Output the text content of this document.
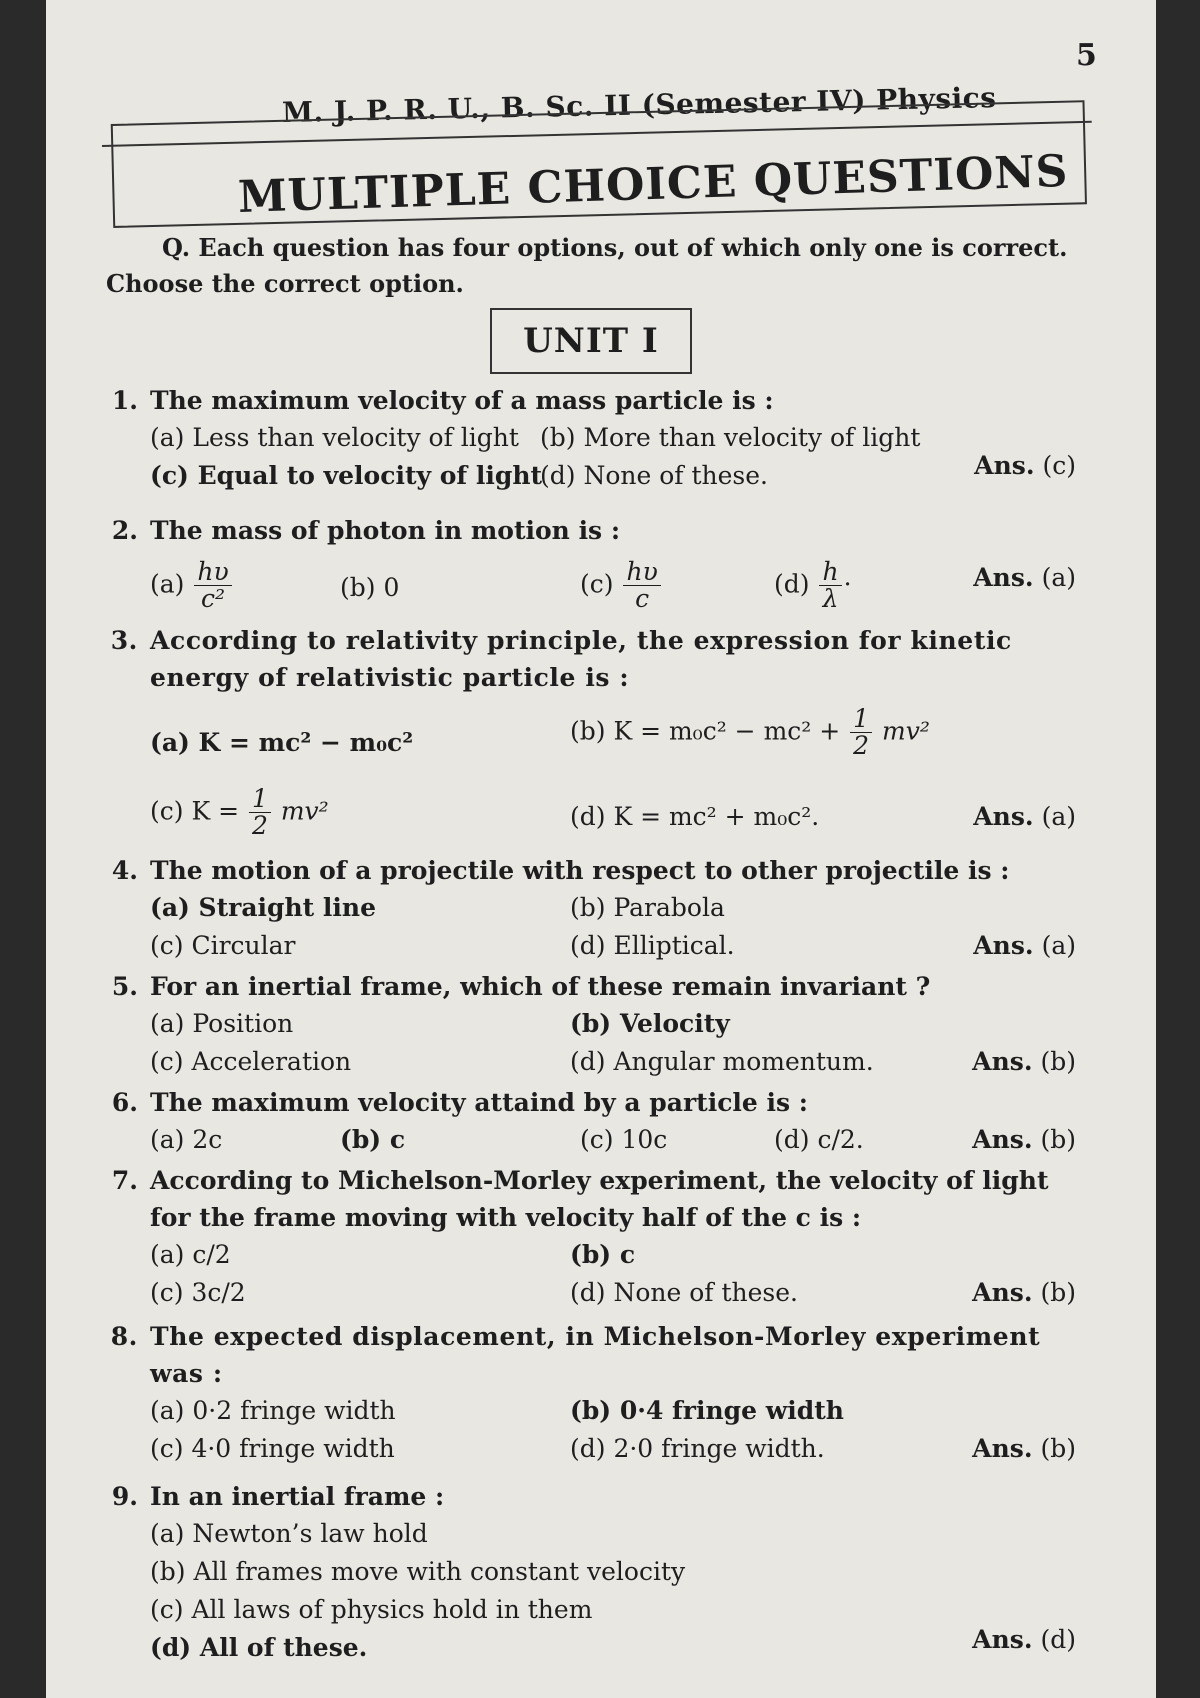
5
M. J. P. R. U., B. Sc. II (Semester IV) Physics
MULTIPLE CHOICE QUESTIONS
Q. Each question has four options, out of which only one is correct.
Choose the correct option.
UNIT I
1. The maximum velocity of a mass particle is :
(a) Less than velocity of light (b) More than velocity of light
(c) Equal to velocity of light
(d) None of these.	Ans. (c)
2. The mass of photon in motion is :
$(a) \frac{h\upsilon}{\text{c²}}$	(b) 0	$(c) \frac{h\upsilon}{c}$	$(d) \frac{h}{\lambda}$ ·	Ans. (a)
3. According to relativity principle, the expression for kinetic energy of relativistic particle is :
(a) K = mc² − m₀c²	(b) $K = m_0c^2 - mc^2 + \frac{1}{2} mv^2$
(c) $K = \frac{1}{2} mv^2$	(d) K = mc² + m₀c².	Ans. (a)
4. The motion of a projectile with respect to other projectile is :
(a) Straight line	(b) Parabola
(c) Circular	(d) Elliptical.	Ans. (a)
5. For an inertial frame, which of these remain invariant ?
(a) Position	(b) Velocity
(c) Acceleration	(d) Angular momentum.	Ans. (b)
6. The maximum velocity attaind by a particle is :
(a) 2c	(b) c	(c) 10c	(d) c/2.	Ans. (b)
7. According to Michelson-Morley experiment, the velocity of light for the frame moving with velocity half of the c is :
(a) c/2	(b) c
(c) 3c/2	(d) None of these.	Ans. (b)
8. The expected displacement, in Michelson-Morley experiment was :
(a) 0·2 fringe width	(b) 0·4 fringe width
(c) 4·0 fringe width	(d) 2·0 fringe width.	Ans. (b)
9. In an inertial frame :
(a) Newton’s law hold
(b) All frames move with constant velocity
(c) All laws of physics hold in them
(d) All of these.	Ans. (d)
